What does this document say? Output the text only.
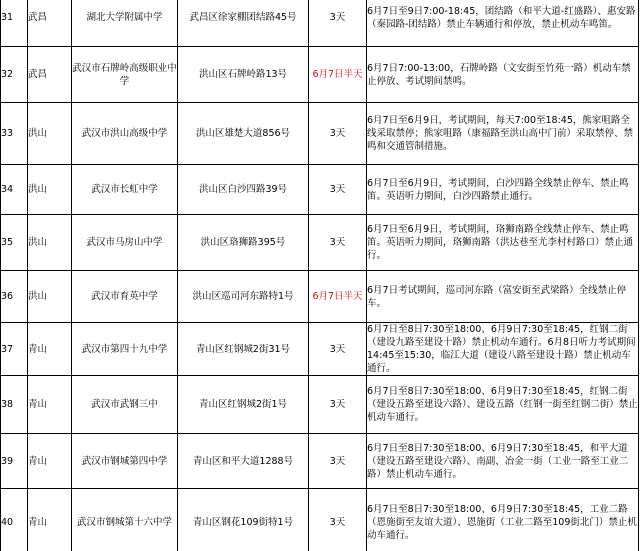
31	武昌	湖北大学附属中学	武昌区徐家棚团结路45号	3天	6月7日至9日7:00-18:45，团结路（和平大道-红盛路）、惠安路（秦园路-团结路）禁止车辆通行和停放，禁止机动车鸣笛。
32	武昌	武汉市石牌岭高级职业中学	洪山区石牌岭路13号	6月7日半天	6月7日7:00-13:00，石牌岭路（文安街至竹苑一路）机动车禁止停放、考试期间禁鸣。
33	洪山	武汉市洪山高级中学	洪山区雄楚大道856号	3天	6月7日至6月9日，考试期间，每天7:00至18:45，熊家咀路全线采取禁停；熊家咀路（康福路至洪山高中门前）采取禁停、禁鸣和交通管制措施。
34	洪山	武汉市长虹中学	洪山区白沙四路39号	3天	6月7日至6月9日，考试期间，白沙四路全线禁止停车、禁止鸣笛。英语听力期间，白沙四路禁止通行。
35	洪山	武汉市马房山中学	洪山区珞狮路395号	3天	6月7日至6月9日，考试期间，珞狮南路全线禁止停车、禁止鸣笛。英语听力期间，珞狮南路（洪达巷至尤李村村路口）禁止通行。
36	洪山	武汉市育英中学	洪山区巡司河东路特1号	6月7日半天	6月7日考试期间，巡司河东路（富安街至武梁路）全线禁止停车。
37	青山	武汉市第四十九中学	青山区红钢城2街31号	3天	6月7日至8日7:30至18:00、6月9日7:30至18:45，红钢二街（建设九路至建设十路）禁止机动车通行。6月8日听力考试期间14:45至15:30，临江大道（建设八路至建设十路）禁止机动车通行。
38	青山	武汉市武钢三中	青山区红钢城2街1号	3天	6月7日至8日7:30至18:00、6月9日7:30至18:45，红钢二街（建设五路至建设六路）、建设五路（红钢一街至红钢二街）禁止机动车通行。
39	青山	武汉市钢城第四中学	青山区和平大道1288号	3天	6月7日至8日7:30至18:00、6月9日7:30至18:45，和平大道（建设五路至建设六路）、南副、冶金一街（工业一路至工业二路）禁止机动车通行。
40	青山	武汉市钢城第十六中学	青山区钢花109街特1号	3天	6月7日至8日7:30至18:00、6月9日7:30至18:45，工业二路（恩施街至友谊大道）、恩施街（工业二路至109街北门）禁止机动车通行。
